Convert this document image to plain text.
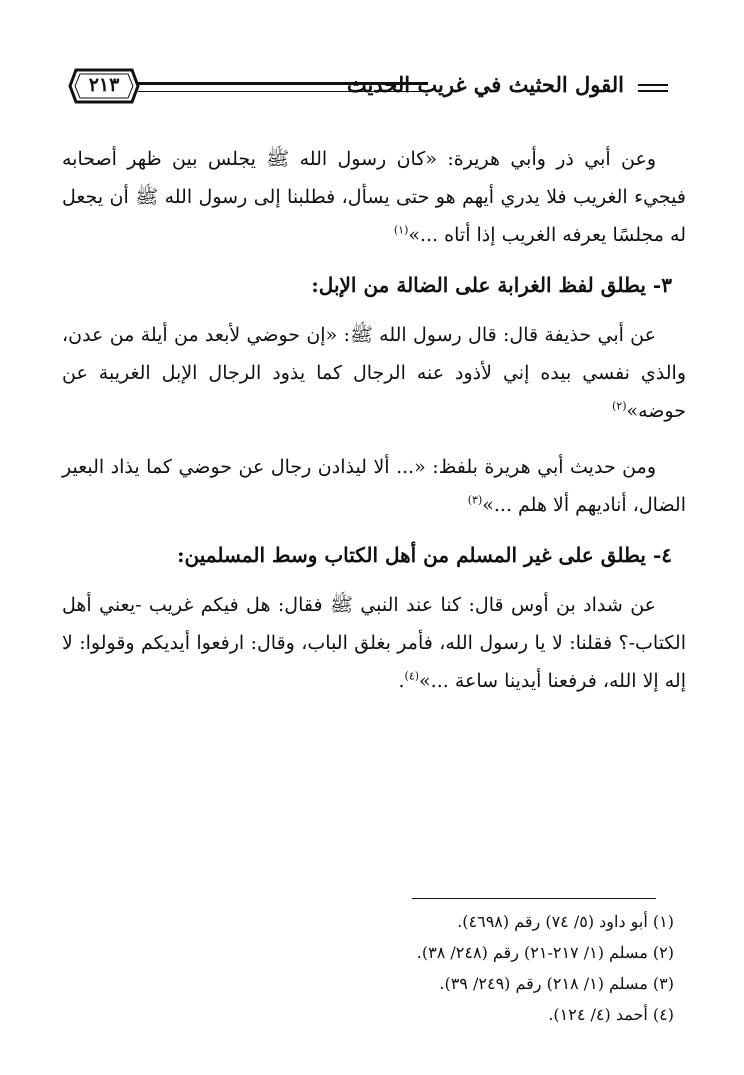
القول الحثيث في غريب الحديث
٢١٣

وعن أبي ذر وأبي هريرة: «كان رسول الله ﷺ يجلس بين ظهر أصحابه فيجيء الغريب فلا يدري أيهم هو حتى يسأل، فطلبنا إلى رسول الله ﷺ أن يجعل له مجلسًا يعرفه الغريب إذا أتاه ...»$^{(١)}$

٣- يطلق لفظ الغرابة على الضالة من الإبل:

عن أبي حذيفة قال: قال رسول الله ﷺ: «إن حوضي لأبعد من أيلة من عدن، والذي نفسي بيده إني لأذود عنه الرجال كما يذود الرجال الإبل الغريبة عن حوضه»$^{(٢)}$

ومن حديث أبي هريرة بلفظ: «... ألا ليذادن رجال عن حوضي كما يذاد البعير الضال، أناديهم ألا هلم ...»$^{(٣)}$

٤- يطلق على غير المسلم من أهل الكتاب وسط المسلمين:

عن شداد بن أوس قال: كنا عند النبي ﷺ فقال: هل فيكم غريب -يعني أهل الكتاب-؟ فقلنا: لا يا رسول الله، فأمر بغلق الباب، وقال: ارفعوا أيديكم وقولوا: لا إله إلا الله، فرفعنا أيدينا ساعة ...»$^{(٤)}$.

(١) أبو داود (٥/ ٧٤) رقم (٤٦٩٨).

(٢) مسلم (١/ ٢١٧-٢١) رقم (٢٤٨/ ٣٨).

(٣) مسلم (١/ ٢١٨) رقم (٢٤٩/ ٣٩).

(٤) أحمد (٤/ ١٢٤).
